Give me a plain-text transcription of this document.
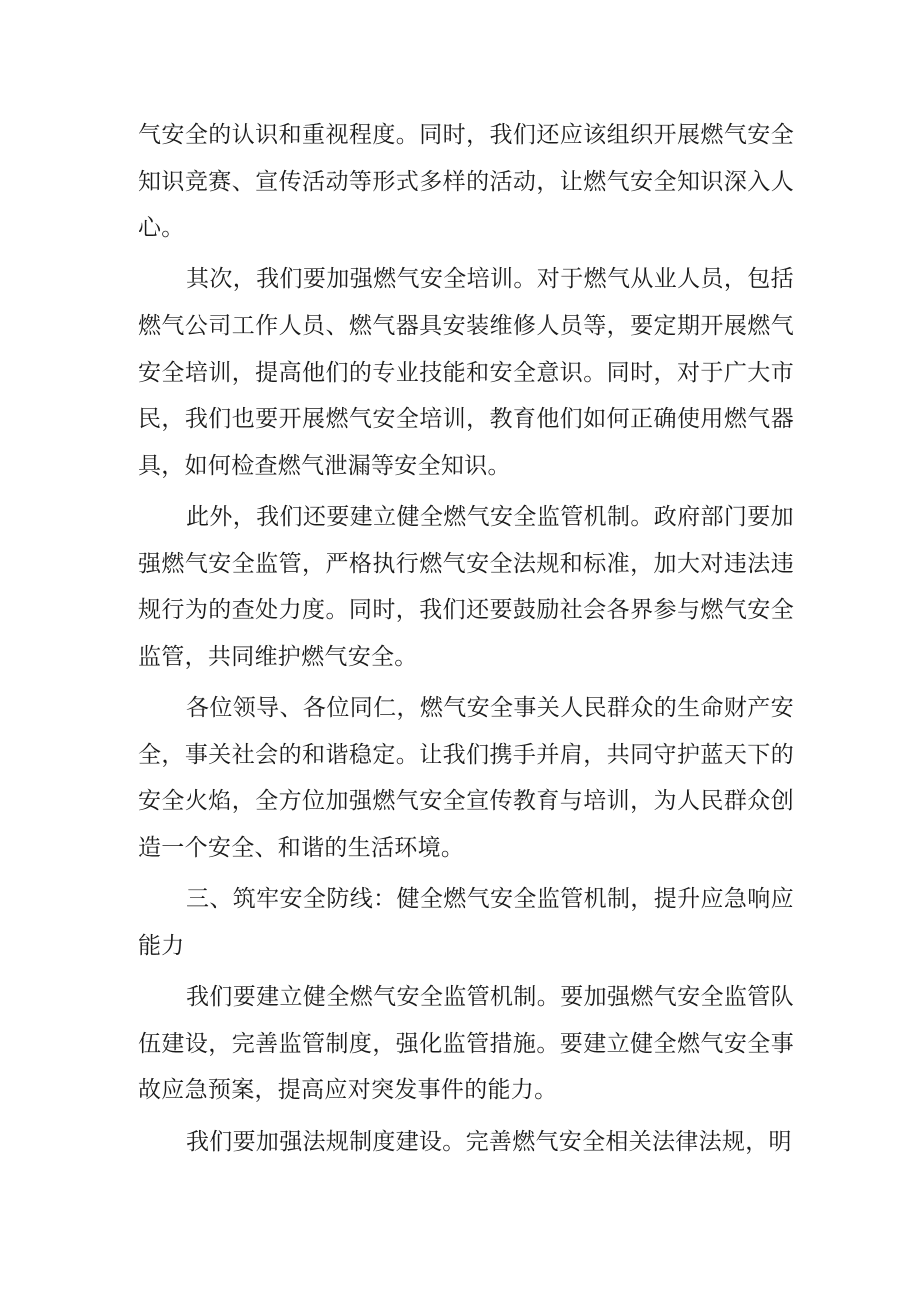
气安全的认识和重视程度。同时，我们还应该组织开展燃气安全知识竞赛、宣传活动等形式多样的活动，让燃气安全知识深入人心。

其次，我们要加强燃气安全培训。对于燃气从业人员，包括燃气公司工作人员、燃气器具安装维修人员等，要定期开展燃气安全培训，提高他们的专业技能和安全意识。同时，对于广大市民，我们也要开展燃气安全培训，教育他们如何正确使用燃气器具，如何检查燃气泄漏等安全知识。

此外，我们还要建立健全燃气安全监管机制。政府部门要加强燃气安全监管，严格执行燃气安全法规和标准，加大对违法违规行为的查处力度。同时，我们还要鼓励社会各界参与燃气安全监管，共同维护燃气安全。

各位领导、各位同仁，燃气安全事关人民群众的生命财产安全，事关社会的和谐稳定。让我们携手并肩，共同守护蓝天下的安全火焰，全方位加强燃气安全宣传教育与培训，为人民群众创造一个安全、和谐的生活环境。

三、筑牢安全防线：健全燃气安全监管机制，提升应急响应能力

我们要建立健全燃气安全监管机制。要加强燃气安全监管队伍建设，完善监管制度，强化监管措施。要建立健全燃气安全事故应急预案，提高应对突发事件的能力。

我们要加强法规制度建设。完善燃气安全相关法律法规，明
